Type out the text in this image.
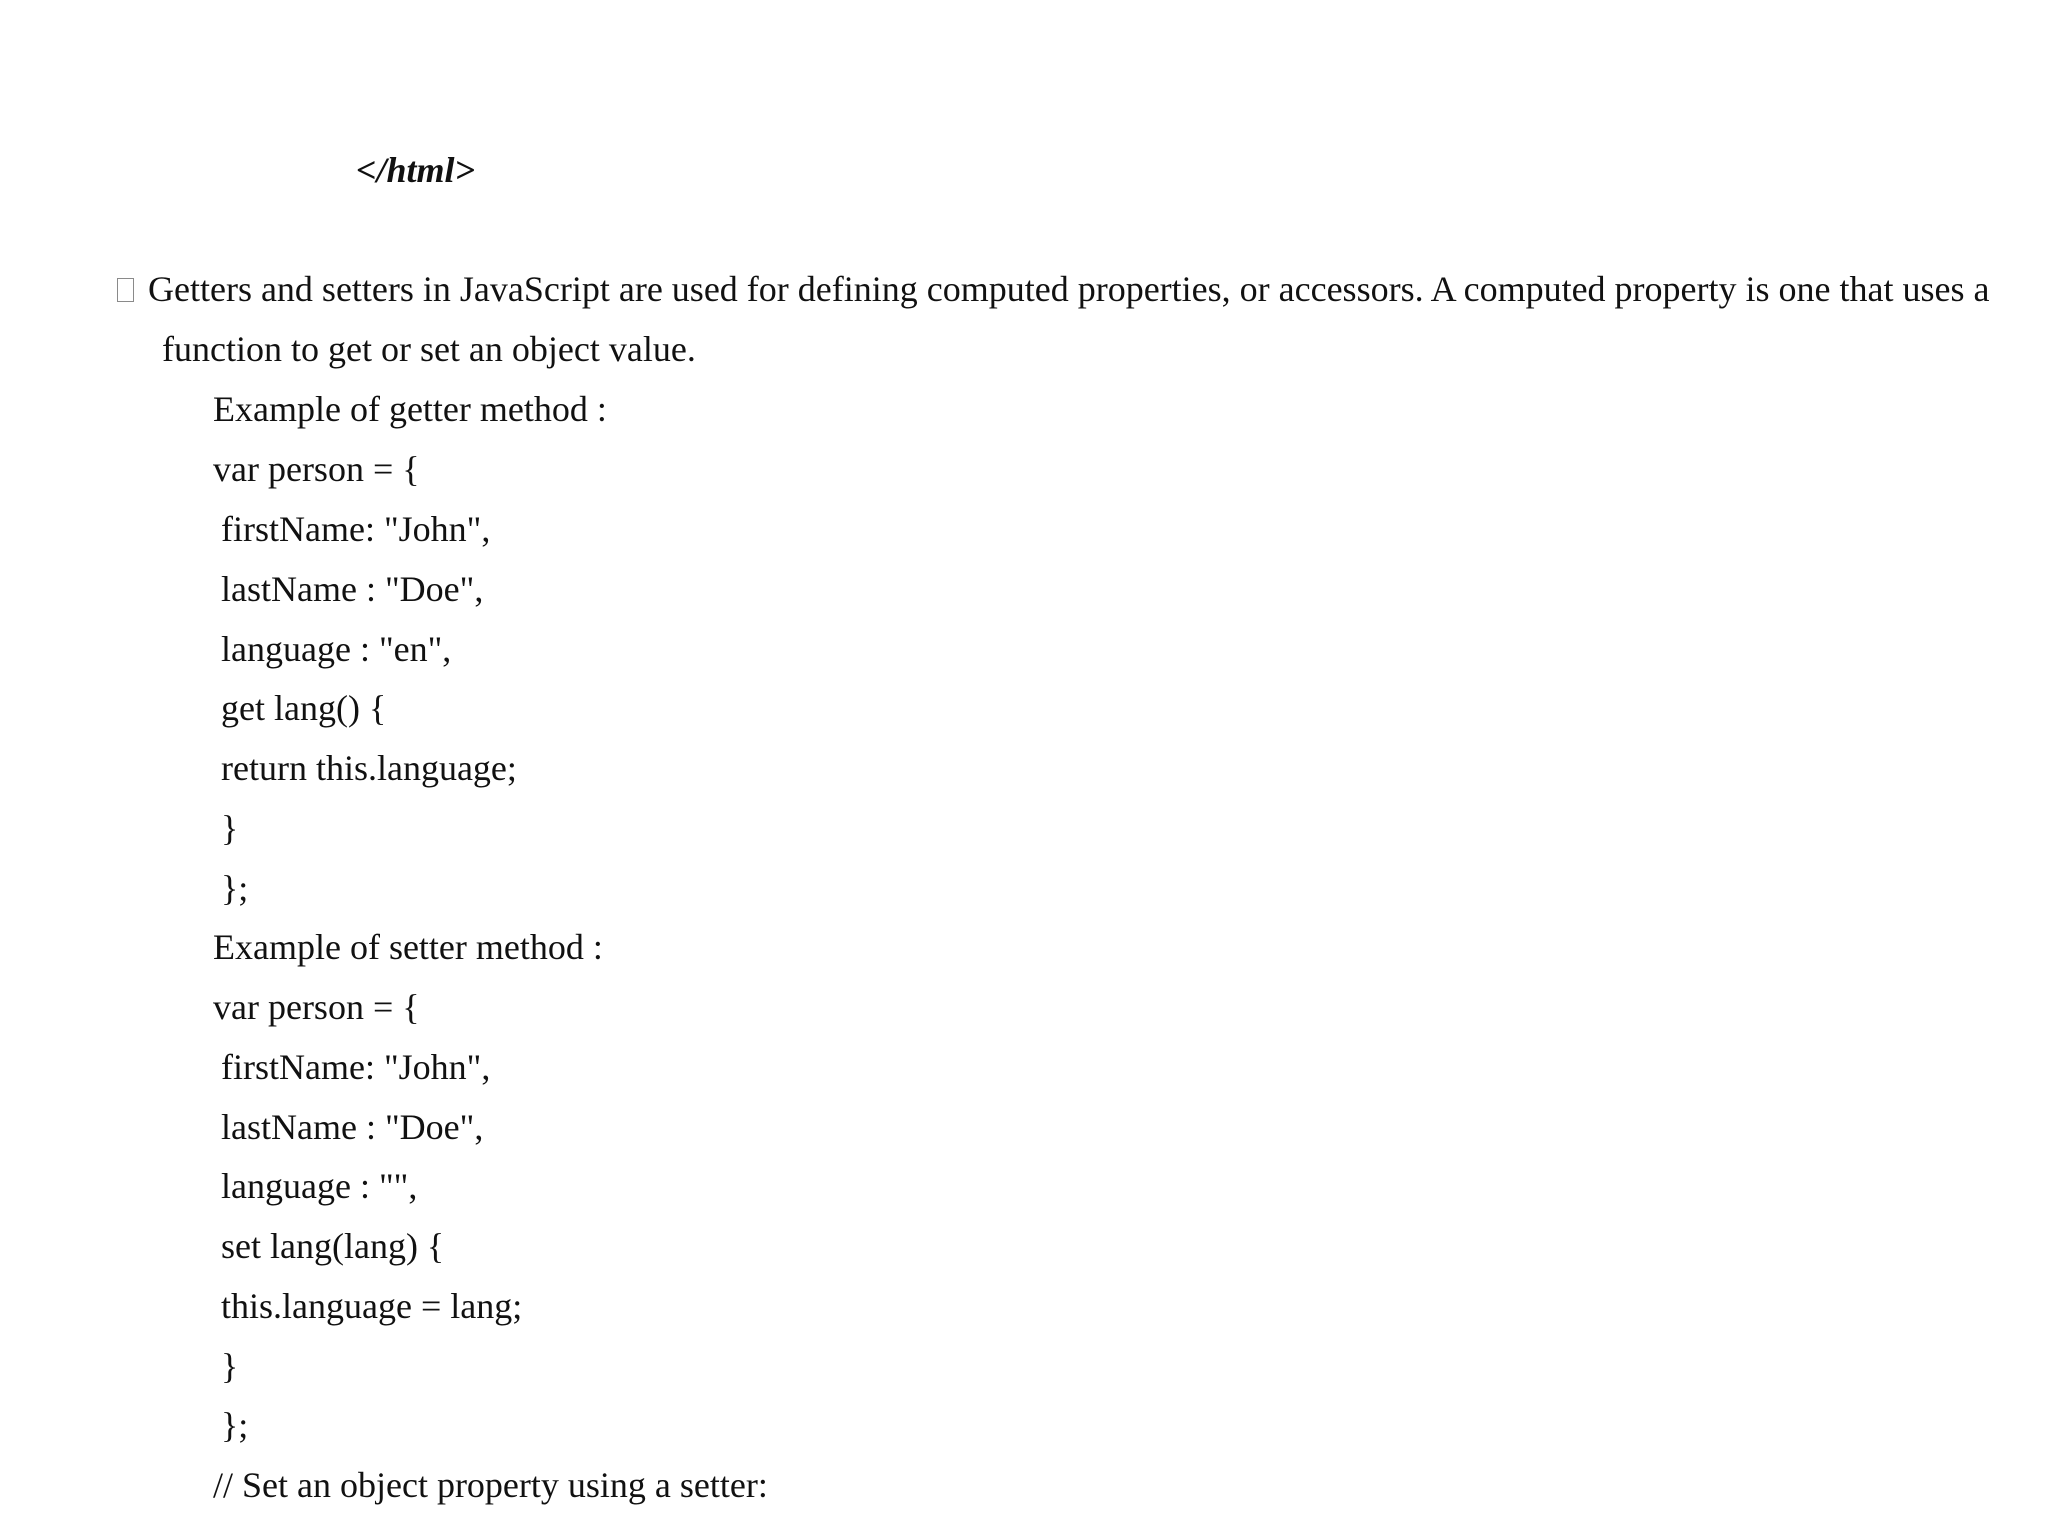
</html>
Getters and setters in JavaScript are used for defining computed properties, or accessors. A computed property is one that uses a
function to get or set an object value.
Example of getter method :
var person = {
firstName: "John",
lastName : "Doe",
language : "en",
get lang() {
return this.language;
}
};
Example of setter method :
var person = {
firstName: "John",
lastName : "Doe",
language : "",
set lang(lang) {
this.language = lang;
}
};
// Set an object property using a setter:
